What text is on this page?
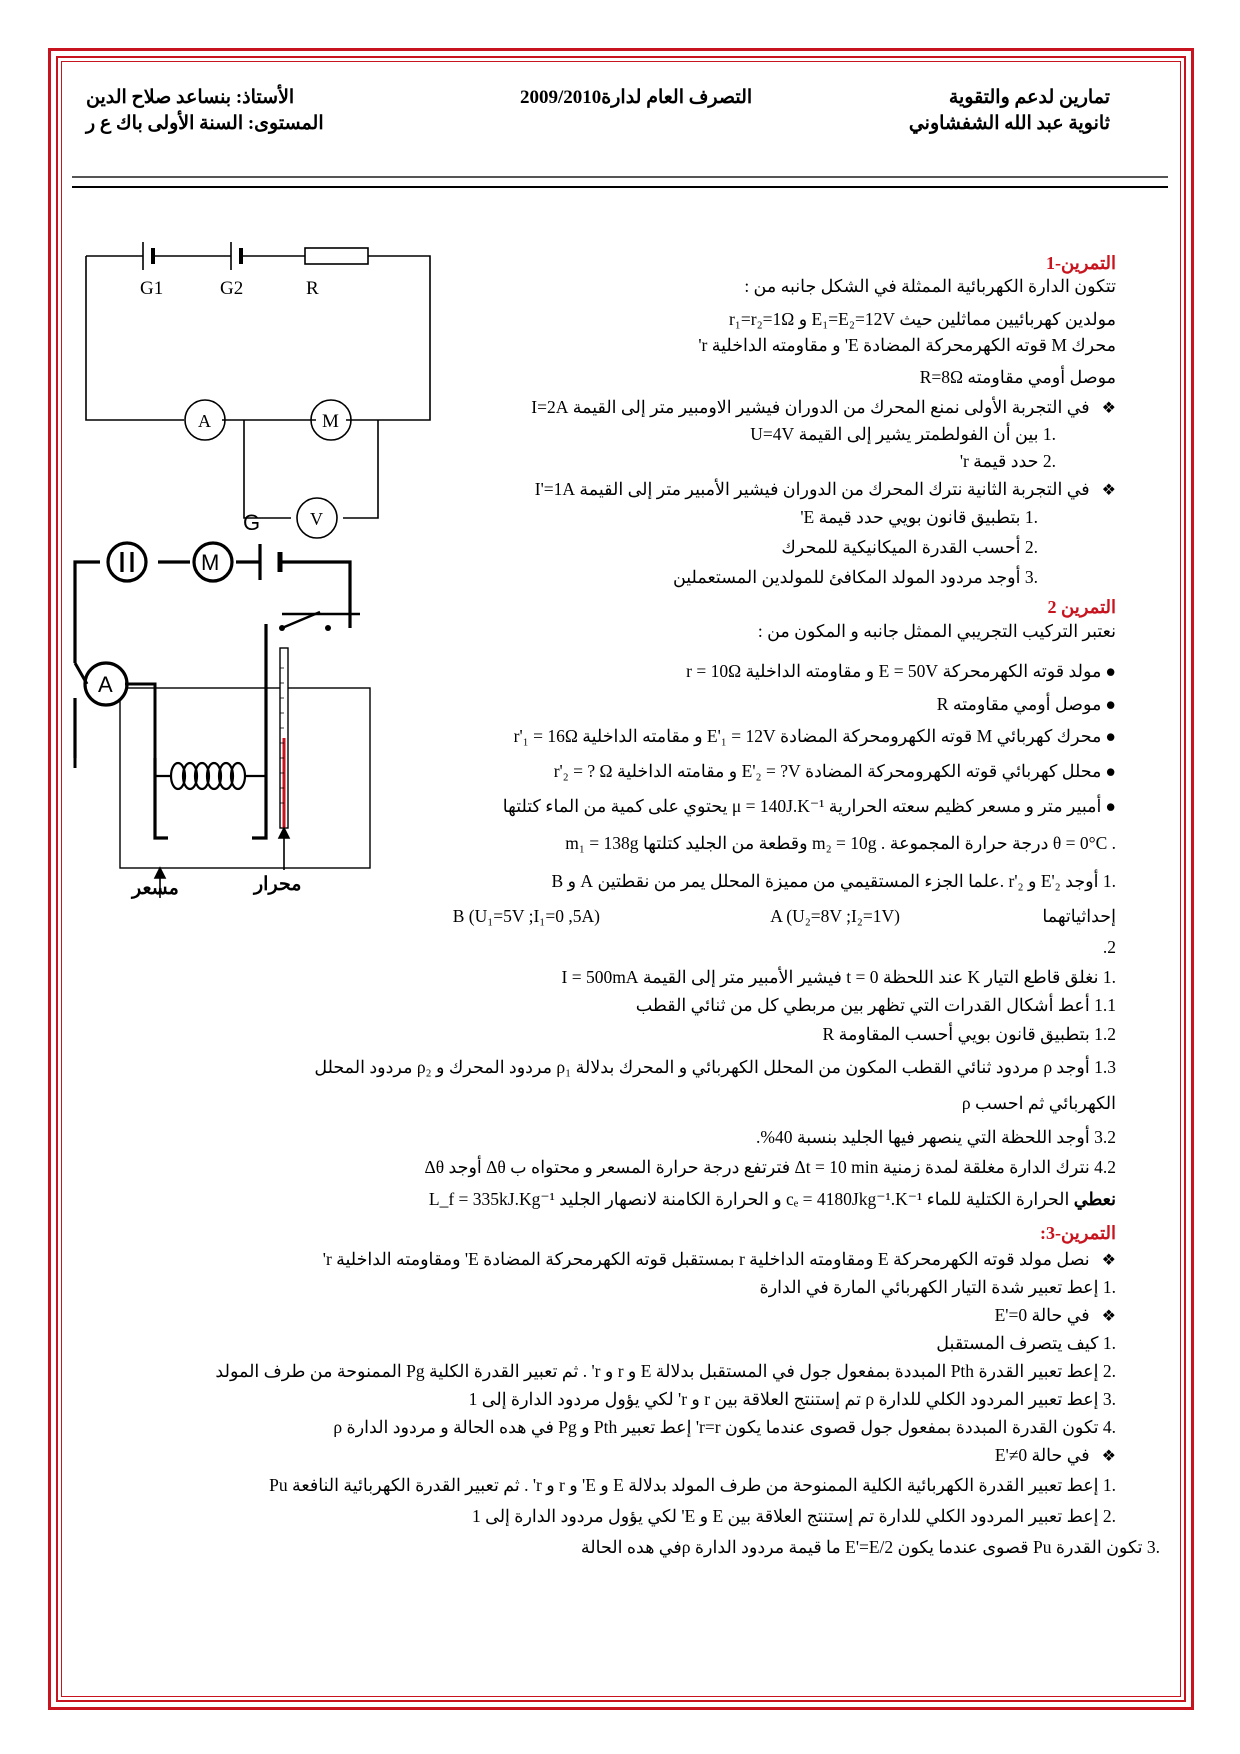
تمارين لدعم والتقوية
ثانوية عبد الله الشفشاوني
التصرف العام لدارة2009/2010
الأستاذ: بنساعد صلاح الدين
المستوى: السنة الأولى باك ع ر
G1	G2	R
A	M
V
G
M
A
محرار
مسعر
التمرين-1
تتكون الدارة الكهربائية الممثلة في الشكل جانبه من :
مولدين كهربائيين مماثلين حيث E₁=E₂=12V و r₁=r₂=1Ω
محرك M قوته الكهرمحركة المضادة E' و مقاومته الداخلية r'
موصل أومي مقاومته R=8Ω
❖في التجربة الأولى نمنع المحرك من الدوران فيشير الاومبير متر إلى القيمة I=2A
.1 بين أن الفولطمتر يشير إلى القيمة U=4V
.2 حدد قيمة r'
❖في التجربة الثانية نترك المحرك من الدوران فيشير الأمبير متر إلى القيمة I'=1A
.1 بتطبيق قانون بويي حدد قيمة E'
.2 أحسب القدرة الميكانيكية للمحرك
.3 أوجد مردود المولد المكافئ للمولدين المستعملين
التمرين 2
نعتبر التركيب التجريبي الممثل جانبه و المكون من :
●مولد قوته الكهرمحركة E = 50V و مقاومته الداخلية r = 10Ω
●موصل أومي مقاومته R
●محرك كهربائي M قوته الكهرومحركة المضادة E'₁ = 12V و مقامته الداخلية r'₁ = 16Ω
●محلل كهربائي قوته الكهرومحركة المضادة E'₂ = ?V و مقامته الداخلية r'₂ = ? Ω
●أمبير متر و مسعر كظيم سعته الحرارية μ = 140J.K⁻¹ يحتوي على كمية من الماء كتلتها
m₁ = 138g وقطعة من الجليد كتلتها m₂ = 10g . درجة حرارة المجموعة θ = 0°C .
.1 أوجد E'₂ و r'₂ .علما الجزء المستقيمي من مميزة المحلل يمر من نقطتين A و B
إحداثياتهما
A (U₂=8V ;I₂=1V)
B (U₁=5V ;I₁=0 ,5A)
.2
.1 نغلق قاطع التيار K عند اللحظة t = 0 فيشير الأمبير متر إلى القيمة I = 500mA
1.1 أعط أشكال القدرات التي تظهر بين مربطي كل من ثنائي القطب
1.2 بتطبيق قانون بويي أحسب المقاومة R
1.3 أوجد ρ مردود ثنائي القطب المكون من المحلل الكهربائي و المحرك بدلالة ρ₁ مردود المحرك و ρ₂ مردود المحلل
الكهربائي ثم احسب ρ
3.2 أوجد اللحظة التي ينصهر فيها الجليد بنسبة 40%.
4.2 نترك الدارة مغلقة لمدة زمنية Δt = 10 min فترتفع درجة حرارة المسعر و محتواه ب Δθ أوجد Δθ
نعطي الحرارة الكتلية للماء cₑ = 4180Jkg⁻¹.K⁻¹ و الحرارة الكامنة لانصهار الجليد L_f = 335kJ.Kg⁻¹
التمرين-3:
❖نصل مولد قوته الكهرمحركة E ومقاومته الداخلية r بمستقبل قوته الكهرمحركة المضادة E' ومقاومته الداخلية r'
.1 إعط تعبير شدة التيار الكهربائي المارة في الدارة
❖في حالة E'=0
.1 كيف يتصرف المستقبل
.2 إعط تعبير القدرة Pth المبددة بمفعول جول في المستقبل بدلالة E و r و r' . ثم تعبير القدرة الكلية Pg الممنوحة من طرف المولد
.3 إعط تعبير المردود الكلي للدارة ρ تم إستنتج العلاقة بين r و r' لكي يؤول مردود الدارة إلى 1
.4 تكون القدرة المبددة بمفعول جول قصوى عندما يكون r=r' إعط تعبير Pth و Pg في هده الحالة و مردود الدارة ρ
❖في حالة E'≠0
.1 إعط تعبير القدرة الكهربائية الكلية الممنوحة من طرف المولد بدلالة E و E' و r و r' . ثم تعبير القدرة الكهربائية النافعة Pu
.2 إعط تعبير المردود الكلي للدارة تم إستنتج العلاقة بين E و E' لكي يؤول مردود الدارة إلى 1
.3 تكون القدرة Pu قصوى عندما يكون E'=E/2 ما قيمة مردود الدارة ρفي هده الحالة
